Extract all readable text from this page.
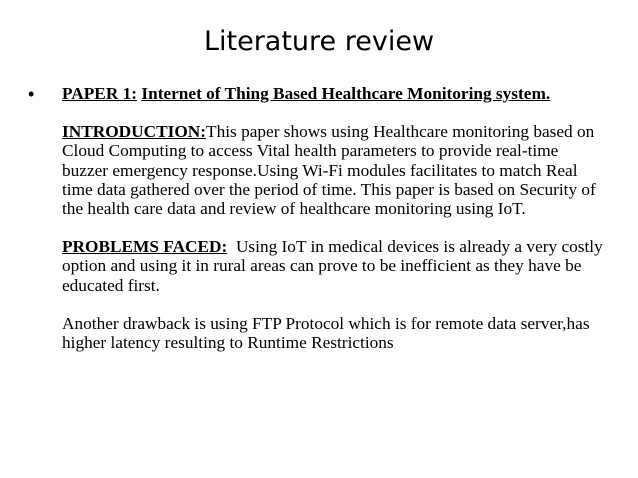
Literature review
•	PAPER 1: Internet of Thing Based Healthcare Monitoring system.

INTRODUCTION:This paper shows using Healthcare monitoring based on Cloud Computing to access Vital health parameters to provide real-time buzzer emergency response.Using Wi-Fi modules facilitates to match Real time data gathered over the period of time. This paper is based on Security of the health care data and review of healthcare monitoring using IoT.

PROBLEMS FACED: Using IoT in medical devices is already a very costly option and using it in rural areas can prove to be inefficient as they have be educated first.

Another drawback is using FTP Protocol which is for remote data server,has higher latency resulting to Runtime Restrictions
